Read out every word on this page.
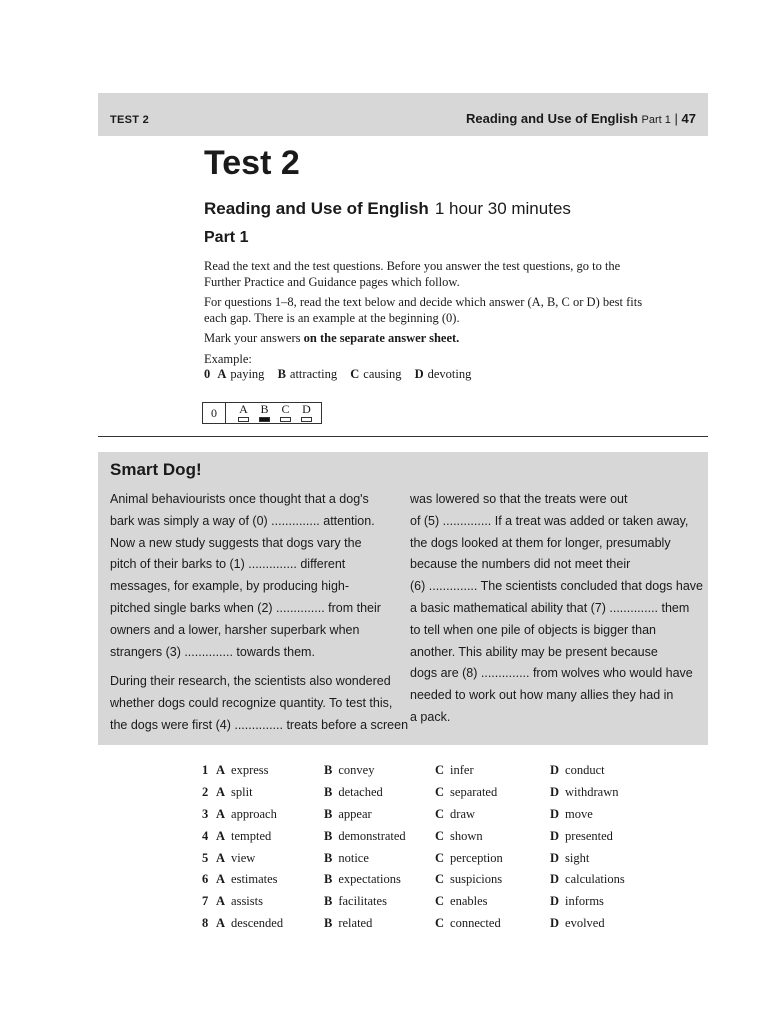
TEST 2	Reading and Use of English Part 1 | 47
Test 2
Reading and Use of English 1 hour 30 minutes
Part 1
Read the text and the test questions. Before you answer the test questions, go to the Further Practice and Guidance pages which follow.
For questions 1–8, read the text below and decide which answer (A, B, C or D) best fits each gap. There is an example at the beginning (0).
Mark your answers on the separate answer sheet.
Example:
0 A paying B attracting C causing D devoting
0	A B C D
Smart Dog!

Animal behaviourists once thought that a dog's

bark was simply a way of (0) .............. attention.

Now a new study suggests that dogs vary the

pitch of their barks to (1) .............. different

messages, for example, by producing high-

pitched single barks when (2) .............. from their

owners and a lower, harsher superbark when

strangers (3) .............. towards them.

During their research, the scientists also wondered

whether dogs could recognize quantity. To test this,

the dogs were first (4) .............. treats before a screen

was lowered so that the treats were out

of (5) .............. If a treat was added or taken away,

the dogs looked at them for longer, presumably

because the numbers did not meet their

(6) .............. The scientists concluded that dogs have

a basic mathematical ability that (7) .............. them

to tell when one pile of objects is bigger than

another. This ability may be present because

dogs are (8) .............. from wolves who would have

needed to work out how many allies they had in

a pack.

1 A express	B convey	C infer	D conduct
2 A split	B detached	C separated	D withdrawn
3 A approach	B appear	C draw	D move
4 A tempted	B demonstrated	C shown	D presented
5 A view	B notice	C perception	D sight
6 A estimates	B expectations	C suspicions	D calculations
7 A assists	B facilitates	C enables	D informs
8 A descended	B related	C connected	D evolved
